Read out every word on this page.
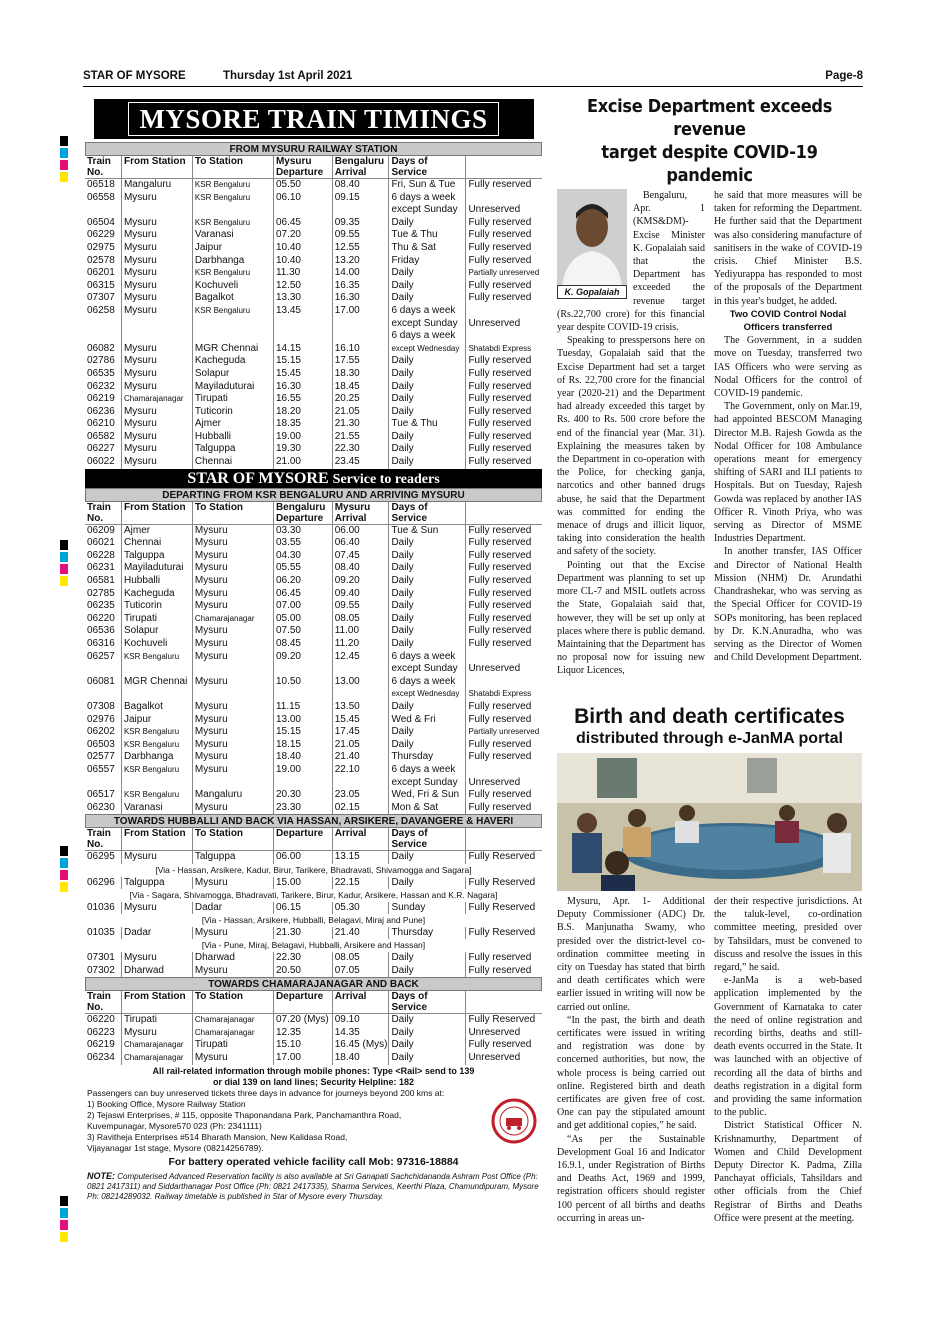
STAR OF MYSORE	Thursday 1st April 2021	Page-8
MYSORE TRAIN TIMINGS
FROM MYSURU RAILWAY STATION
Train No.	From Station	To Station	Mysuru Departure	Bengaluru Arrival	Days of Service	
06518	Mangaluru	KSR Bengaluru	05.50	08.40	Fri, Sun & Tue	Fully reserved
06558	Mysuru	KSR Bengaluru	06.10	09.15	6 days a week	
					except Sunday	Unreserved
06504	Mysuru	KSR Bengaluru	06.45	09.35	Daily	Fully reserved
06229	Mysuru	Varanasi	07.20	09.55	Tue & Thu	Fully reserved
02975	Mysuru	Jaipur	10.40	12.55	Thu & Sat	Fully reserved
02578	Mysuru	Darbhanga	10.40	13.20	Friday	Fully reserved
06201	Mysuru	KSR Bengaluru	11.30	14.00	Daily	Partially unreserved
06315	Mysuru	Kochuveli	12.50	16.35	Daily	Fully reserved
07307	Mysuru	Bagalkot	13.30	16.30	Daily	Fully reserved
06258	Mysuru	KSR Bengaluru	13.45	17.00	6 days a week	
					except Sunday	Unreserved
					6 days a week	
06082	Mysuru	MGR Chennai	14.15	16.10	except Wednesday	Shatabdi Express
02786	Mysuru	Kacheguda	15.15	17.55	Daily	Fully reserved
06535	Mysuru	Solapur	15.45	18.30	Daily	Fully reserved
06232	Mysuru	Mayiladuturai	16.30	18.45	Daily	Fully reserved
06219	Chamarajanagar	Tirupati	16.55	20.25	Daily	Fully reserved
06236	Mysuru	Tuticorin	18.20	21.05	Daily	Fully reserved
06210	Mysuru	Ajmer	18.35	21.30	Tue & Thu	Fully reserved
06582	Mysuru	Hubballi	19.00	21.55	Daily	Fully reserved
06227	Mysuru	Talguppa	19.30	22.30	Daily	Fully reserved
06022	Mysuru	Chennai	21.00	23.45	Daily	Fully reserved
STAR OF MYSORE Service to readers
DEPARTING FROM KSR BENGALURU AND ARRIVING MYSURU
Train No.	From Station	To Station	Bengaluru Departure	Mysuru Arrival	Days of Service	
06209	Ajmer	Mysuru	03.30	06.00	Tue & Sun	Fully reserved
06021	Chennai	Mysuru	03.55	06.40	Daily	Fully reserved
06228	Talguppa	Mysuru	04.30	07.45	Daily	Fully reserved
06231	Mayiladuturai	Mysuru	05.55	08.40	Daily	Fully reserved
06581	Hubballi	Mysuru	06.20	09.20	Daily	Fully reserved
02785	Kacheguda	Mysuru	06.45	09.40	Daily	Fully reserved
06235	Tuticorin	Mysuru	07.00	09.55	Daily	Fully reserved
06220	Tirupati	Chamarajanagar	05.00	08.05	Daily	Fully reserved
06536	Solapur	Mysuru	07.50	11.00	Daily	Fully reserved
06316	Kochuveli	Mysuru	08.45	11.20	Daily	Fully reserved
06257	KSR Bengaluru	Mysuru	09.20	12.45	6 days a week	
					except Sunday	Unreserved
06081	MGR Chennai	Mysuru	10.50	13.00	6 days a week	
					except Wednesday	Shatabdi Express
07308	Bagalkot	Mysuru	11.15	13.50	Daily	Fully reserved
02976	Jaipur	Mysuru	13.00	15.45	Wed & Fri	Fully reserved
06202	KSR Bengaluru	Mysuru	15.15	17.45	Daily	Partially unreserved
06503	KSR Bengaluru	Mysuru	18.15	21.05	Daily	Fully reserved
02577	Darbhanga	Mysuru	18.40	21.40	Thursday	Fully reserved
06557	KSR Bengaluru	Mysuru	19.00	22.10	6 days a week	
					except Sunday	Unreserved
06517	KSR Bengaluru	Mangaluru	20.30	23.05	Wed, Fri & Sun	Fully reserved
06230	Varanasi	Mysuru	23.30	02.15	Mon & Sat	Fully reserved
TOWARDS HUBBALLI AND BACK VIA HASSAN, ARSIKERE, DAVANGERE & HAVERI
Train No.	From Station	To Station	Departure	Arrival	Days of Service	
06295	Mysuru	Talguppa	06.00	13.15	Daily	Fully Reserved
[Via - Hassan, Arsikere, Kadur, Birur, Tarikere, Bhadravati, Shivamogga and Sagara]						
06296	Talguppa	Mysuru	15.00	22.15	Daily	Fully Reserved
[Via - Sagara, Shivamogga, Bhadravati, Tarikere, Birur, Kadur, Arsikere, Hassan and K.R. Nagara]						
01036	Mysuru	Dadar	06.15	05.30	Sunday	Fully Reserved
[Via - Hassan, Arsikere, Hubballi, Belagavi, Miraj and Pune]						
01035	Dadar	Mysuru	21.30	21.40	Thursday	Fully Reserved
[Via - Pune, Miraj, Belagavi, Hubballi, Arsikere and Hassan]						
07301	Mysuru	Dharwad	22.30	08.05	Daily	Fully reserved
07302	Dharwad	Mysuru	20.50	07.05	Daily	Fully reserved
TOWARDS CHAMARAJANAGAR AND BACK
Train No.	From Station	To Station	Departure	Arrival	Days of Service	
06220	Tirupati	Chamarajanagar	07.20 (Mys)	09.10	Daily	Fully Reserved
06223	Mysuru	Chamarajanagar	12.35	14.35	Daily	Unreserved
06219	Chamarajanagar	Tirupati	15.10	16.45 (Mys)	Daily	Fully reserved
06234	Chamarajanagar	Mysuru	17.00	18.40	Daily	Unreserved
All rail-related information through mobile phones: Type <Rail> send to 139
or dial 139 on land lines; Security Helpline: 182
Passengers can buy unreserved tickets three days in advance for journeys beyond 200 kms at:
1) Booking Office, Mysore Railway Station
2) Tejaswi Enterprises, # 115, opposite Thaponandana Park, Panchamanthra Road,
Kuvempunagar, Mysore570 023 (Ph: 2341111)
3) Ravitheja Enterprises #514 Bharath Mansion, New Kalidasa Road,
Vijayanagar 1st stage, Mysore (08214256789).
For battery operated vehicle facility call Mob: 97316-18884
NOTE: Computerised Advanced Reservation facility is also available at Sri Ganapati Sachchidananda Ashram Post Office (Ph: 0821 2417311) and Siddarthanagar Post Office (Ph: 0821 2417335), Sharma Services, Keerthi Plaza, Chamundipuram, Mysore Ph: 08214289032. Railway timetable is published in Star of Mysore every Thursday.
Excise Department exceeds revenue
target despite COVID-19 pandemic
K. Gopalaiah

Bengaluru, Apr. 1 (KMS&DM)- Excise Minister K. Gopalaiah said that the Department has exceeded the revenue target (Rs.22,700 crore) for this financial year despite COVID-19 crisis.

Speaking to presspersons here on Tuesday, Gopalaiah said that the Excise Department had set a target of Rs. 22,700 crore for the financial year (2020-21) and the Department had already exceeded this target by Rs. 400 to Rs. 500 crore before the end of the financial year (Mar. 31). Explaining the measures taken by the Department in co-operation with the Police, for checking ganja, narcotics and other banned drugs abuse, he said that the Department was committed for ending the menace of drugs and illicit liquor, taking into consideration the health and safety of the society.

Pointing out that the Excise Department was planning to set up more CL-7 and MSIL outlets across the State, Gopalaiah said that, however, they will be set up only at places where there is public demand. Maintaining that the Department has no proposal now for issuing new Liquor Licences,

he said that more measures will be taken for reforming the Department. He further said that the Department was also considering manufacture of sanitisers in the wake of COVID-19 crisis. Chief Minister B.S. Yediyurappa has responded to most of the proposals of the Department in this year's budget, he added.

Two COVID Control Nodal Officers transferred

The Government, in a sudden move on Tuesday, transferred two IAS Officers who were serving as Nodal Officers for the control of COVID-19 pandemic.

The Government, only on Mar.19, had appointed BESCOM Managing Director M.B. Rajesh Gowda as the Nodal Officer for 108 Ambulance operations meant for emergency shifting of SARI and ILI patients to Hospitals. But on Tuesday, Rajesh Gowda was replaced by another IAS Officer R. Vinoth Priya, who was serving as Director of MSME Industries Department.

In another transfer, IAS Officer and Director of National Health Mission (NHM) Dr. Arundathi Chandrashekar, who was serving as the Special Officer for COVID-19 SOPs monitoring, has been replaced by Dr. K.N.Anuradha, who was serving as the Director of Women and Child Development Department.

Birth and death certificates
distributed through e-JanMA portal

Mysuru, Apr. 1- Additional Deputy Commissioner (ADC) Dr. B.S. Manjunatha Swamy, who presided over the district-level co-ordination committee meeting in city on Tuesday has stated that birth and death certificates which were earlier issued in writing will now be carried out online.

“In the past, the birth and death certificates were issued in writing and registration was done by concerned authorities, but now, the whole process is being carried out online. Registered birth and death certificates are given free of cost. One can pay the stipulated amount and get additional copies,” he said.

“As per the Sustainable Development Goal 16 and Indicator 16.9.1, under Registration of Births and Deaths Act, 1969 and 1999, registration officers should register 100 percent of all births and deaths occurring in areas un-

der their respective jurisdictions. At the taluk-level, co-ordination committee meeting, presided over by Tahsildars, must be convened to discuss and resolve the issues in this regard,” he said.

e-JanMa is a web-based application implemented by the Government of Karnataka to cater the need of online registration and recording births, deaths and still-death events occurred in the State. It was launched with an objective of recording all the data of births and deaths registration in a digital form and providing the same information to the public.

District Statistical Officer N. Krishnamurthy, Department of Women and Child Development Deputy Director K. Padma, Zilla Panchayat officials, Tahsildars and other officials from the Chief Registrar of Births and Deaths Office were present at the meeting.
